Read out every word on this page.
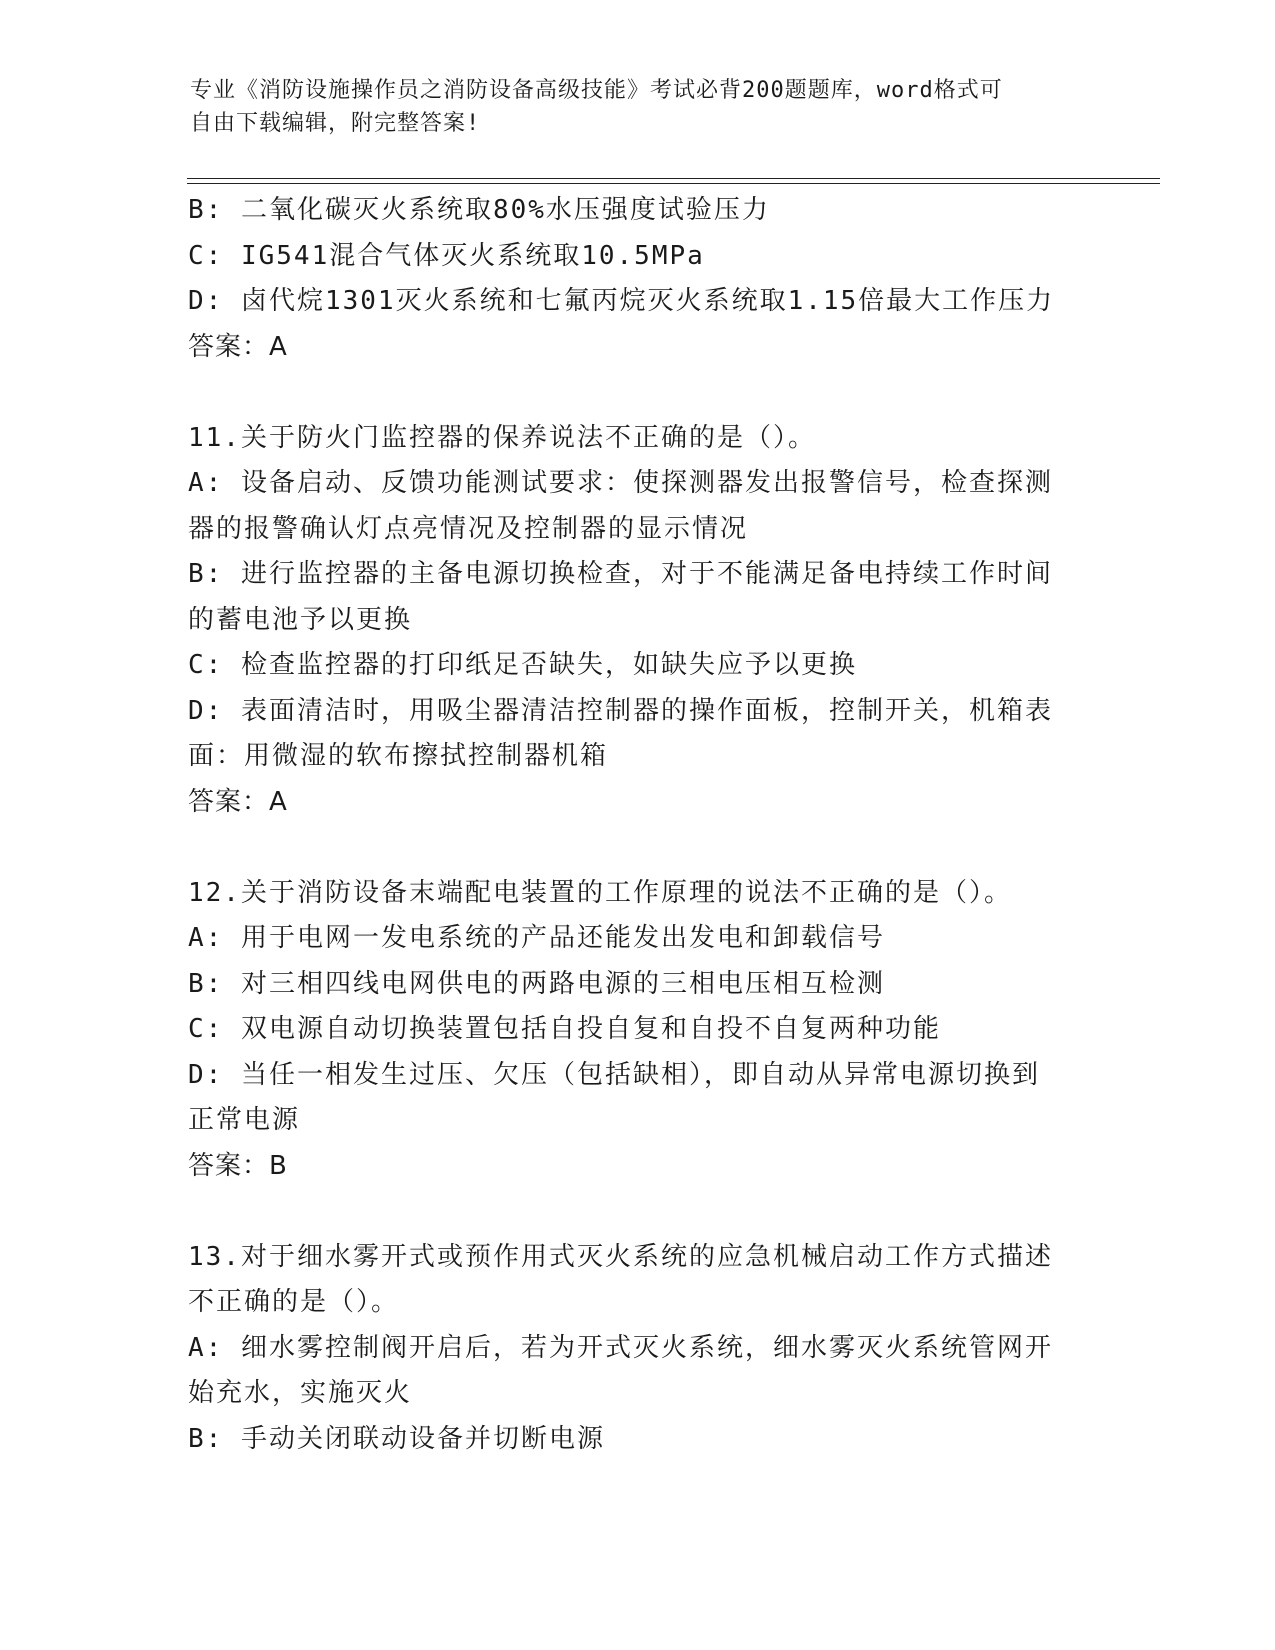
专业《消防设施操作员之消防设备高级技能》考试必背200题题库，word格式可
自由下载编辑，附完整答案!
B: 二氧化碳灭火系统取80%水压强度试验压力
C: IG541混合气体灭火系统取10.5MPa
D: 卤代烷1301灭火系统和七氟丙烷灭火系统取1.15倍最大工作压力
答案：A
11.关于防火门监控器的保养说法不正确的是（）。
A: 设备启动、反馈功能测试要求：使探测器发出报警信号，检查探测
器的报警确认灯点亮情况及控制器的显示情况
B: 进行监控器的主备电源切换检查，对于不能满足备电持续工作时间
的蓄电池予以更换
C: 检查监控器的打印纸足否缺失，如缺失应予以更换
D: 表面清洁时，用吸尘器清洁控制器的操作面板，控制开关，机箱表
面：用微湿的软布擦拭控制器机箱
答案：A
12.关于消防设备末端配电装置的工作原理的说法不正确的是（）。
A: 用于电网一发电系统的产品还能发出发电和卸载信号
B: 对三相四线电网供电的两路电源的三相电压相互检测
C: 双电源自动切换装置包括自投自复和自投不自复两种功能
D: 当任一相发生过压、欠压（包括缺相），即自动从异常电源切换到
正常电源
答案：B
13.对于细水雾开式或预作用式灭火系统的应急机械启动工作方式描述
不正确的是（）。
A: 细水雾控制阀开启后，若为开式灭火系统，细水雾灭火系统管网开
始充水，实施灭火
B: 手动关闭联动设备并切断电源
